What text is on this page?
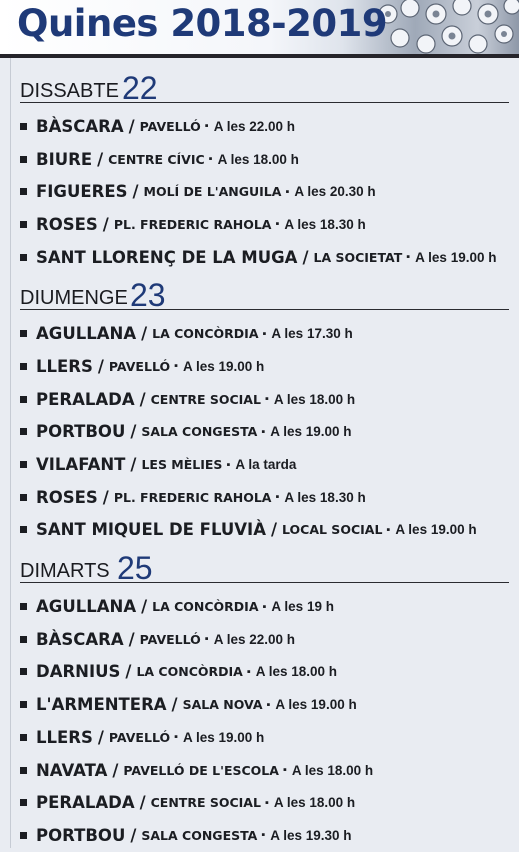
Quines 2018-2019
DISSABTE 22
BÀSCARA / PAVELLÓ ▪ A les 22.00 h
BIURE / CENTRE CÍVIC ▪ A les 18.00 h
FIGUERES / MOLÍ DE L'ANGUILA ▪ A les 20.30 h
ROSES / PL. FREDERIC RAHOLA ▪ A les 18.30 h
SANT LLORENÇ DE LA MUGA / LA SOCIETAT ▪ A les 19.00 h
DIUMENGE 23
AGULLANA / LA CONCÒRDIA ▪ A les 17.30 h
LLERS / PAVELLÓ ▪ A les 19.00 h
PERALADA / CENTRE SOCIAL ▪ A les 18.00 h
PORTBOU / SALA CONGESTA ▪ A les 19.00 h
VILAFANT / LES MÈLIES ▪ A la tarda
ROSES / PL. FREDERIC RAHOLA ▪ A les 18.30 h
SANT MIQUEL DE FLUVIÀ / LOCAL SOCIAL ▪ A les 19.00 h
DIMARTS 25
AGULLANA / LA CONCÒRDIA ▪ A les 19 h
BÀSCARA / PAVELLÓ ▪ A les 22.00 h
DARNIUS / LA CONCÒRDIA ▪ A les 18.00 h
L'ARMENTERA / SALA NOVA ▪ A les 19.00 h
LLERS / PAVELLÓ ▪ A les 19.00 h
NAVATA / PAVELLÓ DE L'ESCOLA ▪ A les 18.00 h
PERALADA / CENTRE SOCIAL ▪ A les 18.00 h
PORTBOU / SALA CONGESTA ▪ A les 19.30 h
